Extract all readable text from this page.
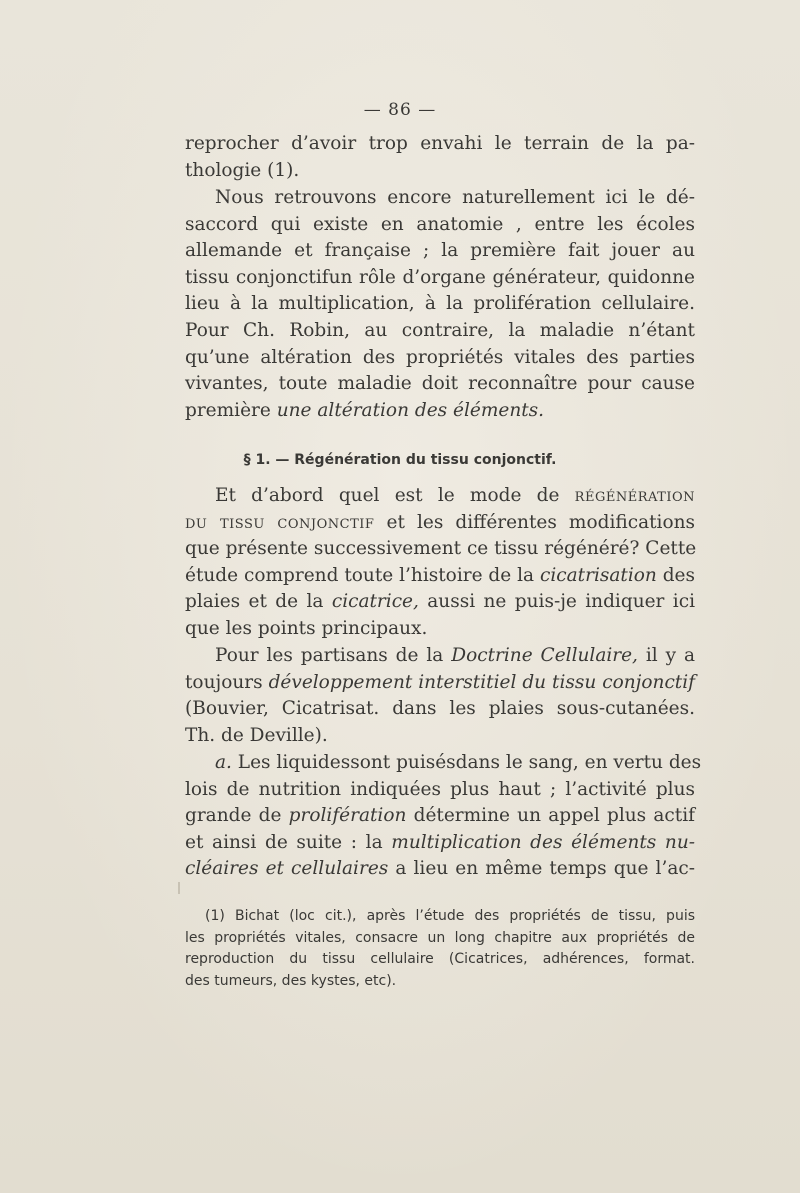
— 86 —
reprocher d’avoir trop envahi le terrain de la pa-
thologie (1).
Nous retrouvons encore naturellement ici le dé-
saccord qui existe en anatomie , entre les écoles
allemande et française ; la première fait jouer au
tissu conjonctifun rôle d’organe générateur, quidonne
lieu à la multiplication, à la prolifération cellulaire.
Pour Ch. Robin, au contraire, la maladie n’étant
qu’une altération des propriétés vitales des parties
vivantes, toute maladie doit reconnaître pour cause
première une altération des éléments.
§ 1. — Régénération du tissu conjonctif.
Et d’abord quel est le mode de régénération
du tissu conjonctif et les différentes modifications
que présente successivement ce tissu régénéré? Cette
étude comprend toute l’histoire de la cicatrisation des
plaies et de la cicatrice, aussi ne puis-je indiquer ici
que les points principaux.
Pour les partisans de la Doctrine Cellulaire, il y a
toujours développement interstitiel du tissu conjonctif
(Bouvier, Cicatrisat. dans les plaies sous-cutanées.
Th. de Deville).
a. Les liquidessont puisésdans le sang, en vertu des
lois de nutrition indiquées plus haut ; l’activité plus
grande de prolifération détermine un appel plus actif
et ainsi de suite : la multiplication des éléments nu-
cléaires et cellulaires a lieu en même temps que l’ac-
(1) Bichat (loc cit.), après l’étude des propriétés de tissu, puis
les propriétés vitales, consacre un long chapitre aux propriétés de
reproduction du tissu cellulaire (Cicatrices, adhérences, format.
des tumeurs, des kystes, etc).
